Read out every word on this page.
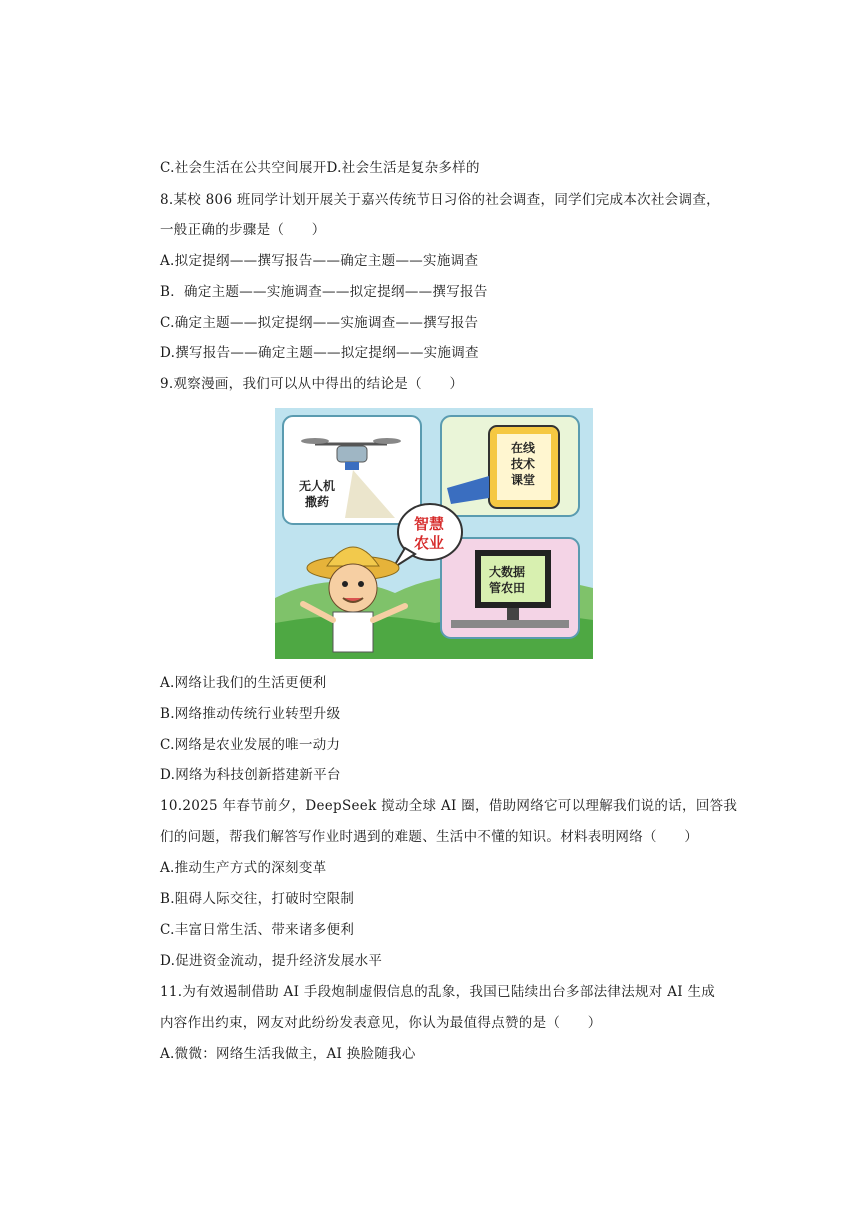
C.社会生活在公共空间展开D.社会生活是复杂多样的
8.某校 806 班同学计划开展关于嘉兴传统节日习俗的社会调查，同学们完成本次社会调查，
一般正确的步骤是（　　）
A.拟定提纲——撰写报告——确定主题——实施调查
B．确定主题——实施调查——拟定提纲——撰写报告
C.确定主题——拟定提纲——实施调查——撰写报告
D.撰写报告——确定主题——拟定提纲——实施调查
9.观察漫画，我们可以从中得出的结论是（　　）
A.网络让我们的生活更便利
B.网络推动传统行业转型升级
C.网络是农业发展的唯一动力
D.网络为科技创新搭建新平台
10.2025 年春节前夕，DeepSeek 搅动全球 AI 圈，借助网络它可以理解我们说的话，回答我
们的问题，帮我们解答写作业时遇到的难题、生活中不懂的知识。材料表明网络（　　）
A.推动生产方式的深刻变革
B.阻碍人际交往，打破时空限制
C.丰富日常生活、带来诸多便利
D.促进资金流动，提升经济发展水平
11.为有效遏制借助 AI 手段炮制虚假信息的乱象，我国已陆续出台多部法律法规对 AI 生成
内容作出约束，网友对此纷纷发表意见，你认为最值得点赞的是（　　）
A.微微：网络生活我做主，AI 换脸随我心
无人机
撒药
在线
技术
课堂
大数据
管农田
智慧
农业
